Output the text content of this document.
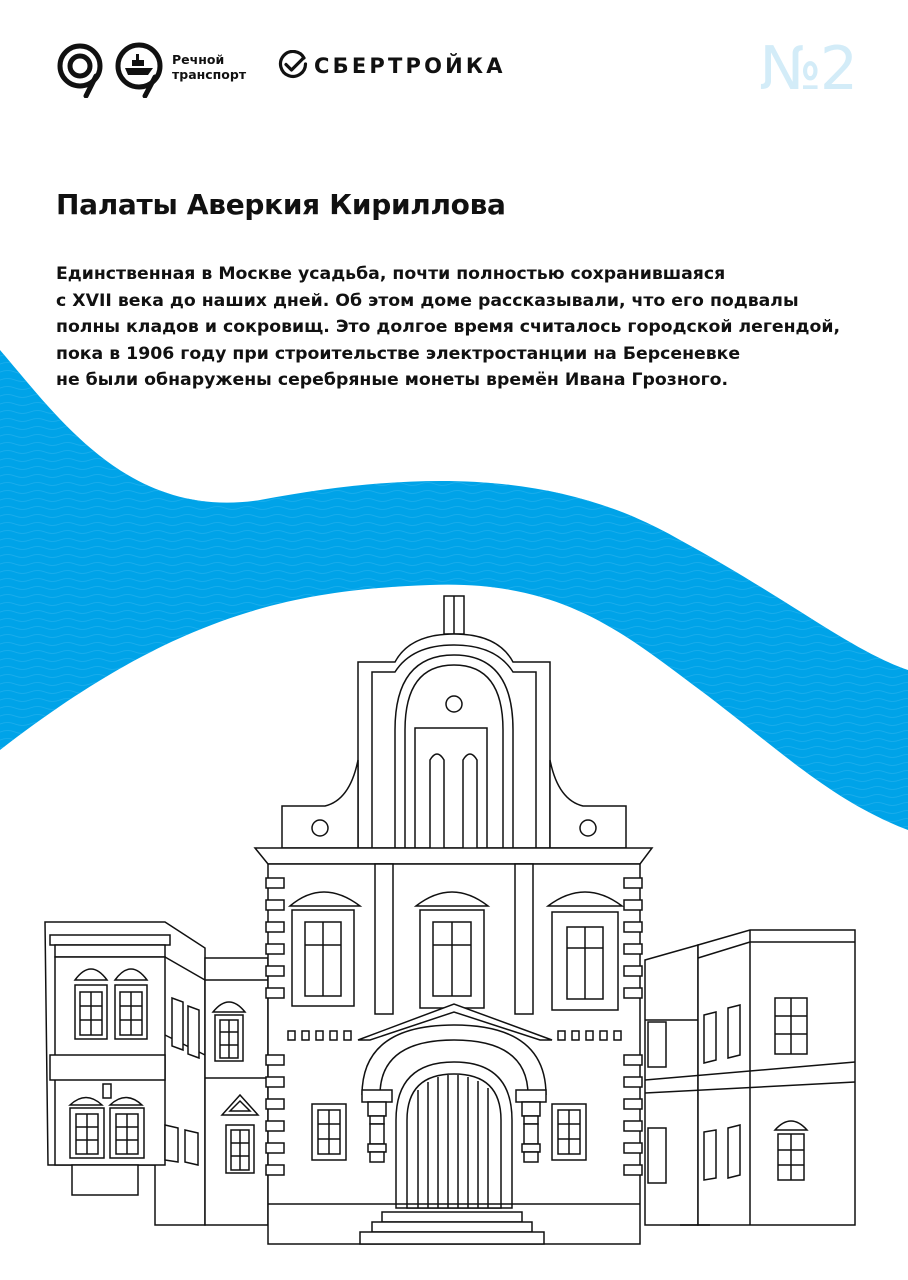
Речной
транспорт	СБЕРТРОЙКА	№2
Палаты Аверкия Кириллова

Единственная в Москве усадьба, почти полностью сохранившаяся
с XVII века до наших дней. Об этом доме рассказывали, что его подвалы
полны кладов и сокровищ. Это долгое время считалось городской легендой,
пока в 1906 году при строительстве электростанции на Берсеневке
не были обнаружены серебряные монеты времён Ивана Грозного.
